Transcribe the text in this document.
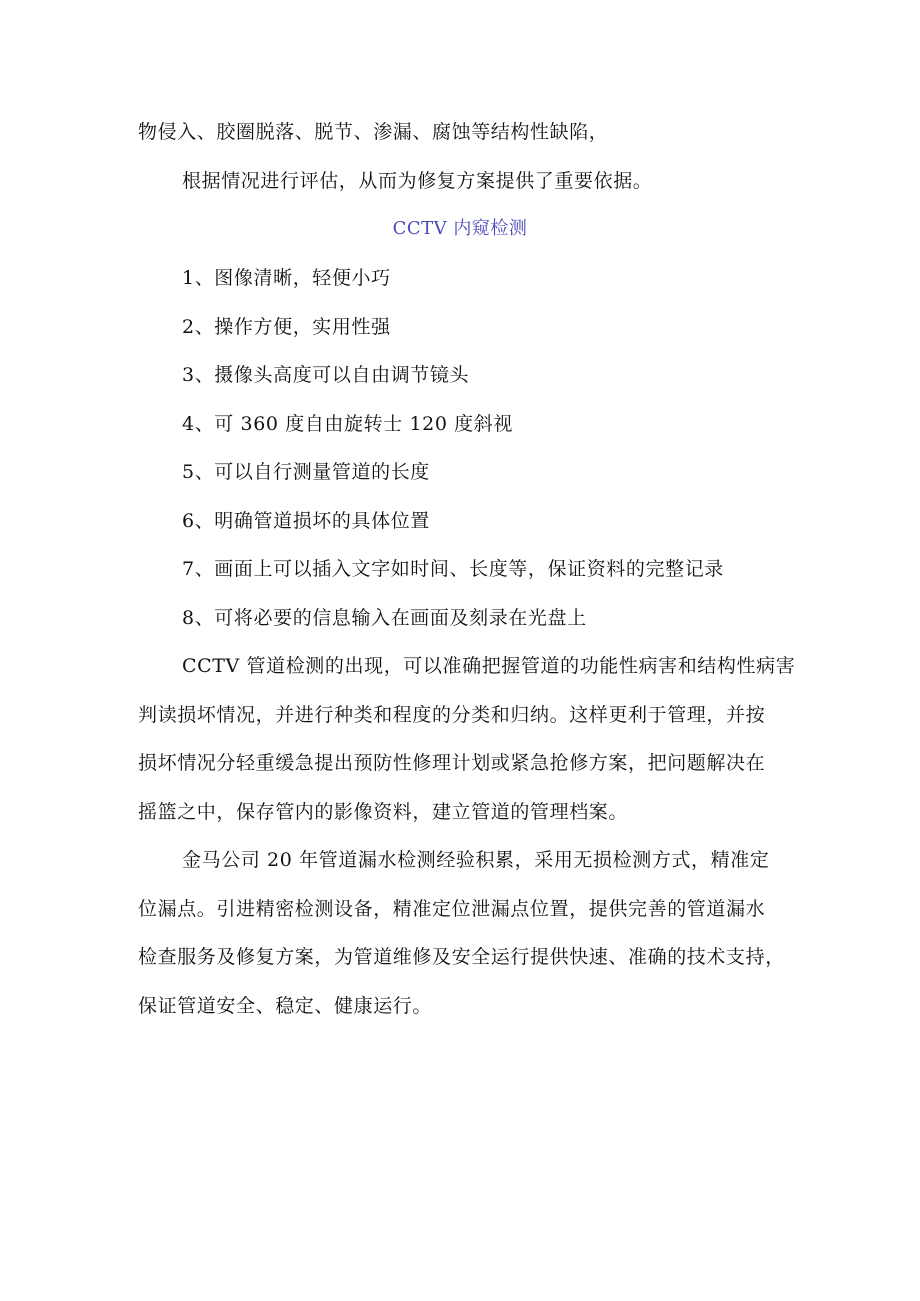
物侵入、胶圈脱落、脱节、渗漏、腐蚀等结构性缺陷，
根据情况进行评估，从而为修复方案提供了重要依据。
CCTV 内窥检测
1、图像清晰，轻便小巧
2、操作方便，实用性强
3、摄像头高度可以自由调节镜头
4、可 360 度自由旋转士 120 度斜视
5、可以自行测量管道的长度
6、明确管道损坏的具体位置
7、画面上可以插入文字如时间、长度等，保证资料的完整记录
8、可将必要的信息输入在画面及刻录在光盘上
CCTV 管道检测的出现，可以准确把握管道的功能性病害和结构性病害
判读损坏情况，并进行种类和程度的分类和归纳。这样更利于管理，并按
损坏情况分轻重缓急提出预防性修理计划或紧急抢修方案，把问题解决在
摇篮之中，保存管内的影像资料，建立管道的管理档案。
金马公司 20 年管道漏水检测经验积累，采用无损检测方式，精准定
位漏点。引进精密检测设备，精准定位泄漏点位置，提供完善的管道漏水
检查服务及修复方案，为管道维修及安全运行提供快速、准确的技术支持，
保证管道安全、稳定、健康运行。
